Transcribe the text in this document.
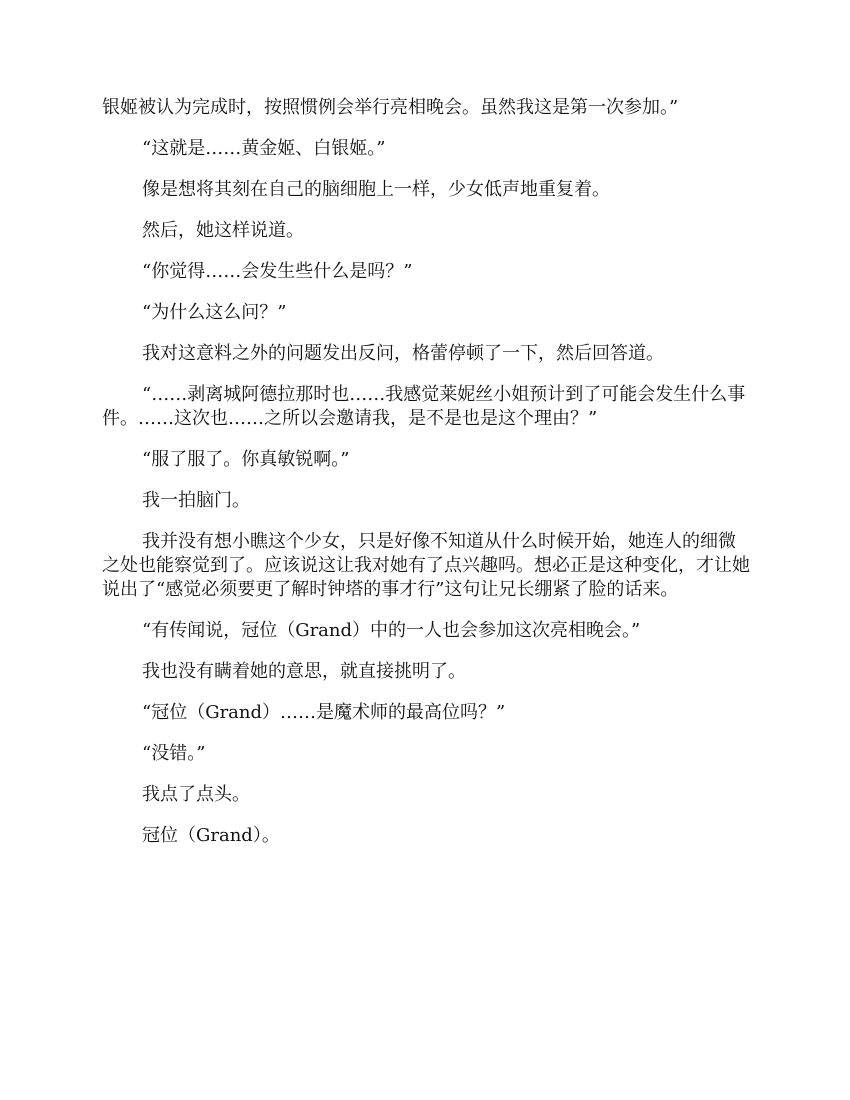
银姬被认为完成时，按照惯例会举行亮相晚会。虽然我这是第一次参加。”

“这就是……黄金姬、白银姬。”

像是想将其刻在自己的脑细胞上一样，少女低声地重复着。

然后，她这样说道。

“你觉得……会发生些什么是吗？”

“为什么这么问？”

我对这意料之外的问题发出反问，格蕾停顿了一下，然后回答道。

“……剥离城阿德拉那时也……我感觉莱妮丝小姐预计到了可能会发生什么事件。……这次也……之所以会邀请我，是不是也是这个理由？”

“服了服了。你真敏锐啊。”

我一拍脑门。

我并没有想小瞧这个少女，只是好像不知道从什么时候开始，她连人的细微之处也能察觉到了。应该说这让我对她有了点兴趣吗。想必正是这种变化，才让她说出了“感觉必须要更了解时钟塔的事才行”这句让兄长绷紧了脸的话来。

“有传闻说，冠位（Grand）中的一人也会参加这次亮相晚会。”

我也没有瞒着她的意思，就直接挑明了。

“冠位（Grand）……是魔术师的最高位吗？”

“没错。”

我点了点头。

冠位（Grand）。
